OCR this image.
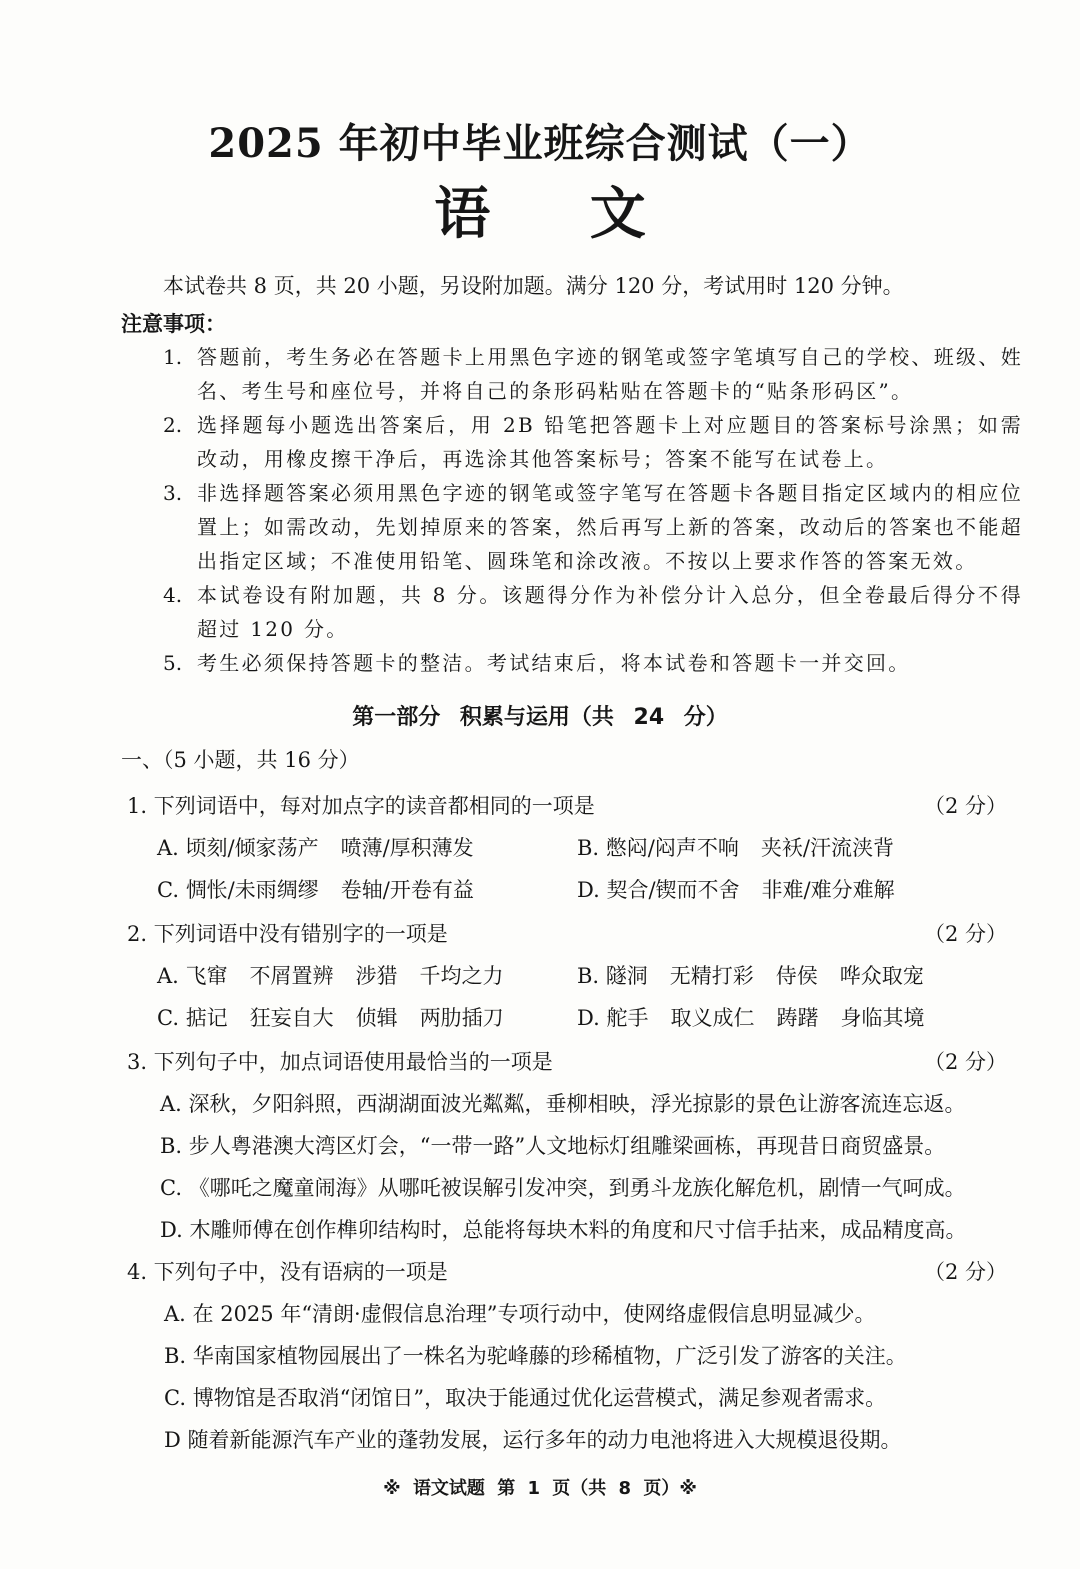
2025 年初中毕业班综合测试（一）
语 文
本试卷共 8 页，共 20 小题，另设附加题。满分 120 分，考试用时 120 分钟。
注意事项：
1. 答题前，考生务必在答题卡上用黑色字迹的钢笔或签字笔填写自己的学校、班级、姓名、考生号和座位号，并将自己的条形码粘贴在答题卡的“贴条形码区”。
2. 选择题每小题选出答案后，用 2B 铅笔把答题卡上对应题目的答案标号涂黑；如需改动，用橡皮擦干净后，再选涂其他答案标号；答案不能写在试卷上。
3. 非选择题答案必须用黑色字迹的钢笔或签字笔写在答题卡各题目指定区域内的相应位置上；如需改动，先划掉原来的答案，然后再写上新的答案，改动后的答案也不能超出指定区域；不准使用铅笔、圆珠笔和涂改液。不按以上要求作答的答案无效。
4. 本试卷设有附加题，共 8 分。该题得分作为补偿分计入总分，但全卷最后得分不得超过 120 分。
5. 考生必须保持答题卡的整洁。考试结束后，将本试卷和答题卡一并交回。
第一部分 积累与运用（共 24 分）
一、（5 小题，共 16 分）
1. 下列词语中，每对加点字的读音都相同的一项是	（2 分）
A. 顷刻/倾家荡产 喷薄/厚积薄发	B. 憋闷/闷声不响 夹袄/汗流浃背
C. 惆怅/未雨绸缪 卷轴/开卷有益	D. 契合/锲而不舍 非难/难分难解
2. 下列词语中没有错别字的一项是	（2 分）
A. 飞窜 不屑置辨 涉猎 千均之力	B. 隧洞 无精打彩 侍侯 哗众取宠
C. 掂记 狂妄自大 侦辑 两肋插刀	D. 舵手 取义成仁 踌躇 身临其境
3. 下列句子中，加点词语使用最恰当的一项是	（2 分）
A. 深秋，夕阳斜照，西湖湖面波光粼粼，垂柳相映，浮光掠影的景色让游客流连忘返。
B. 步人粤港澳大湾区灯会，“一带一路”人文地标灯组雕梁画栋，再现昔日商贸盛景。
C. 《哪吒之魔童闹海》从哪吒被误解引发冲突，到勇斗龙族化解危机，剧情一气呵成。
D. 木雕师傅在创作榫卯结构时，总能将每块木料的角度和尺寸信手拈来，成品精度高。
4. 下列句子中，没有语病的一项是	（2 分）
A. 在 2025 年“清朗·虚假信息治理”专项行动中，使网络虚假信息明显减少。
B. 华南国家植物园展出了一株名为驼峰藤的珍稀植物，广泛引发了游客的关注。
C. 博物馆是否取消“闭馆日”，取决于能通过优化运营模式，满足参观者需求。
D 随着新能源汽车产业的蓬勃发展，运行多年的动力电池将进入大规模退役期。
※ 语文试题 第 1 页（共 8 页）※
